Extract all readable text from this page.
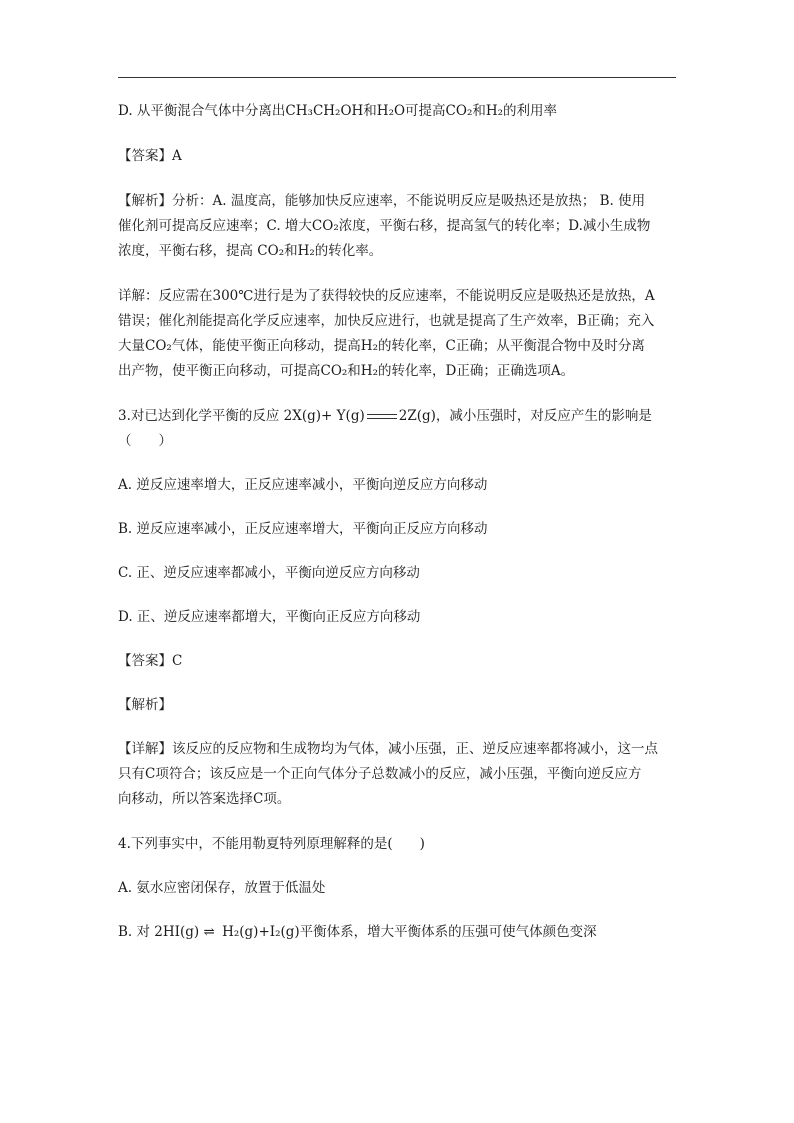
D. 从平衡混合气体中分离出CH₃CH₂OH和H₂O可提高CO₂和H₂的利用率

【答案】A

【解析】分析：A. 温度高，能够加快反应速率，不能说明反应是吸热还是放热； B. 使用

催化剂可提高反应速率；C. 增大CO₂浓度，平衡右移，提高氢气的转化率；D.减小生成物

浓度，平衡右移，提高 CO₂和H₂的转化率。

详解：反应需在300℃进行是为了获得较快的反应速率，不能说明反应是吸热还是放热，A

错误；催化剂能提高化学反应速率，加快反应进行，也就是提高了生产效率，B正确；充入

大量CO₂气体，能使平衡正向移动，提高H₂的转化率，C正确；从平衡混合物中及时分离

出产物，使平衡正向移动，可提高CO₂和H₂的转化率，D正确；正确选项A。

3.对已达到化学平衡的反应 2X(g)+ Y(g)	2Z(g)，减小压强时，对反应产生的影响是

（　　）

A. 逆反应速率增大，正反应速率减小，平衡向逆反应方向移动

B. 逆反应速率减小，正反应速率增大，平衡向正反应方向移动

C. 正、逆反应速率都减小，平衡向逆反应方向移动

D. 正、逆反应速率都增大，平衡向正反应方向移动

【答案】C

【解析】

【详解】该反应的反应物和生成物均为气体，减小压强，正、逆反应速率都将减小，这一点

只有C项符合；该反应是一个正向气体分子总数减小的反应，减小压强，平衡向逆反应方

向移动，所以答案选择C项。

4.下列事实中，不能用勒夏特列原理解释的是(　　)

A. 氨水应密闭保存，放置于低温处

B. 对 2HI(g) ⇌ H₂(g)+I₂(g)平衡体系，增大平衡体系的压强可使气体颜色变深
